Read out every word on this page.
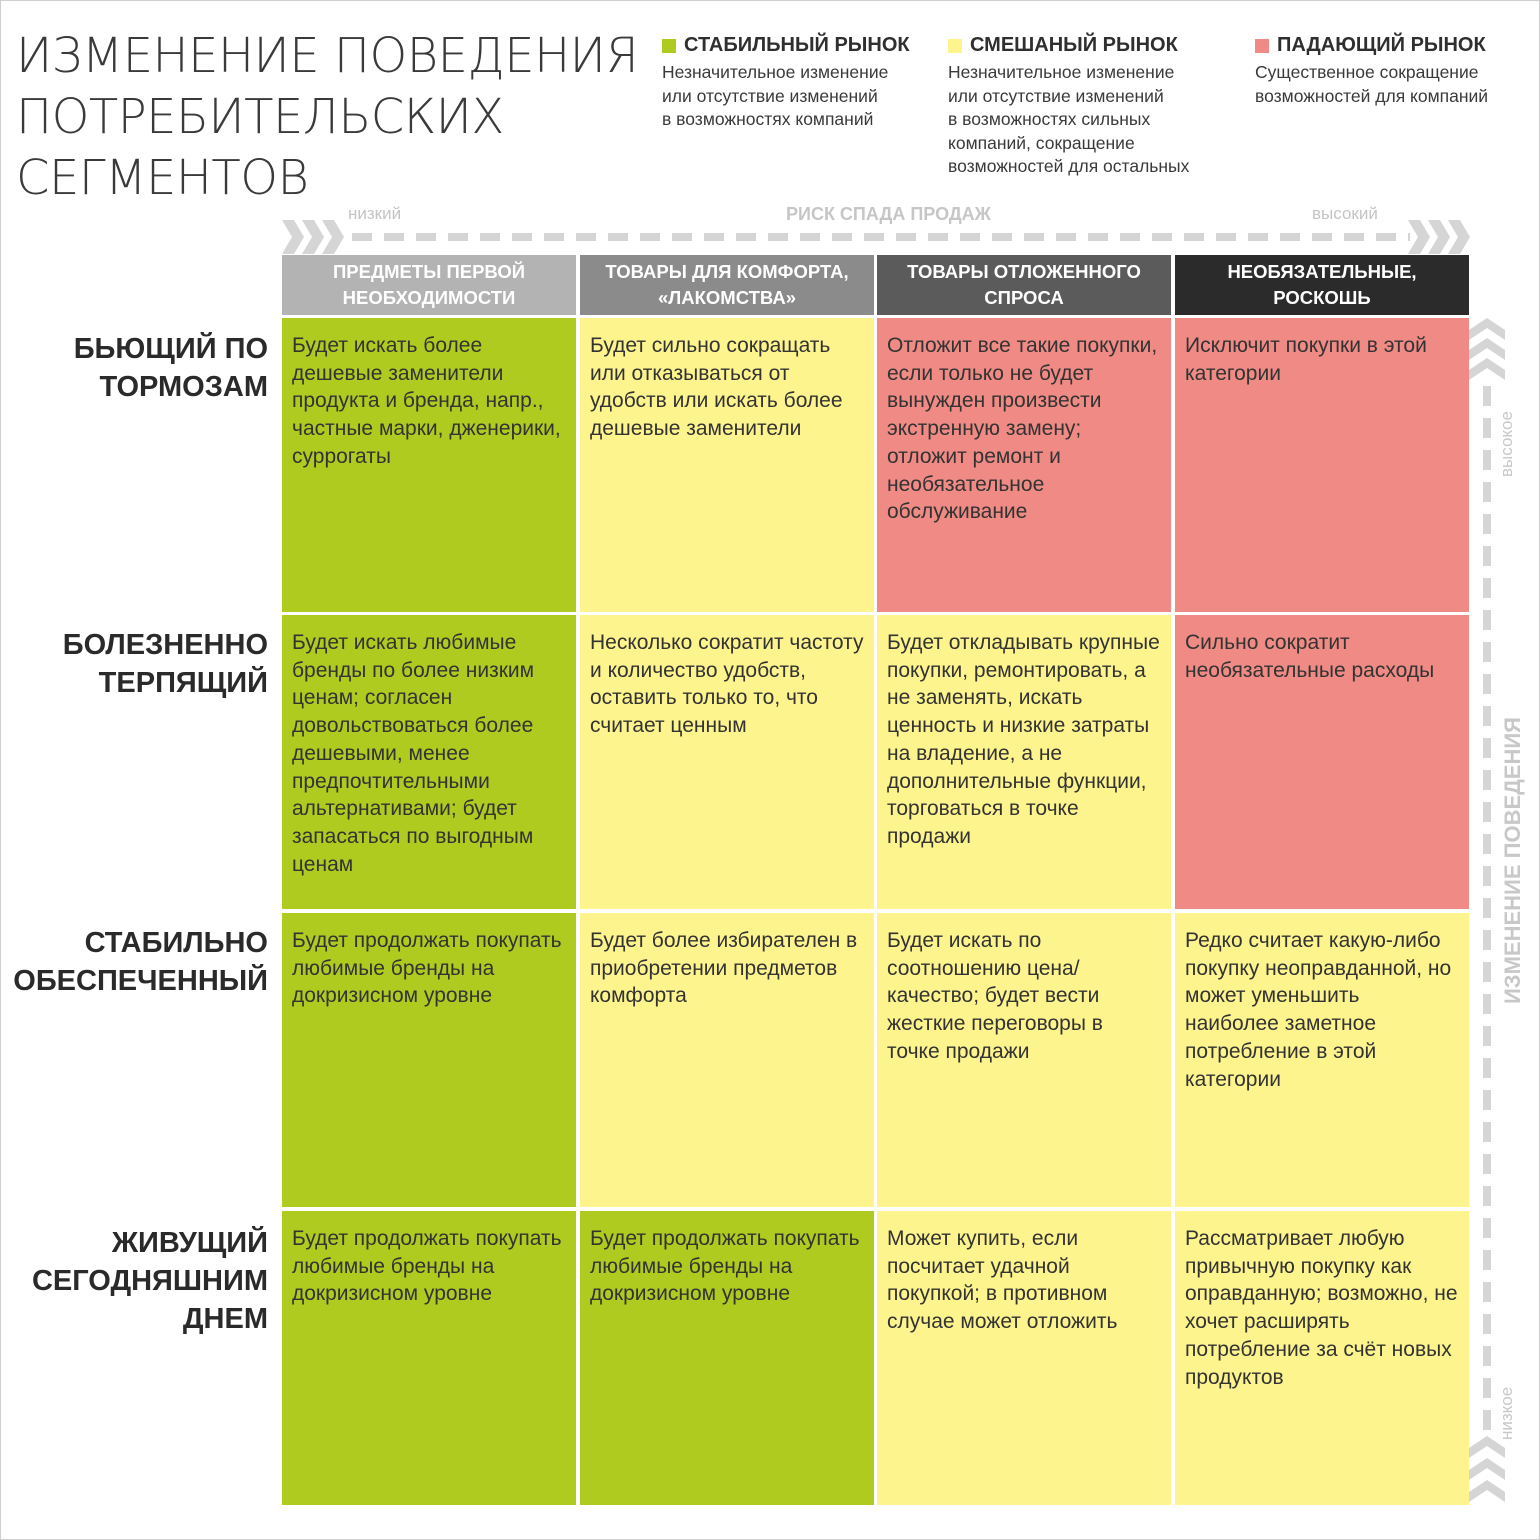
ИЗМЕНЕНИЕ ПОВЕДЕНИЯ
ПОТРЕБИТЕЛЬСКИХ
СЕГМЕНТОВ
СТАБИЛЬНЫЙ РЫНОК
Незначительное изменение
или отсутствие изменений
в возможностях компаний
СМЕШАНЫЙ РЫНОК
Незначительное изменение
или отсутствие изменений
в возможностях сильных
компаний, сокращение
возможностей для остальных
ПАДАЮЩИЙ РЫНОК
Существенное сокращение
возможностей для компаний
низкий	РИСК СПАДА ПРОДАЖ	высокий
высокое
ИЗМЕНЕНИЕ ПОВЕДЕНИЯ
низкое
ПРЕДМЕТЫ ПЕРВОЙ НЕОБХОДИМОСТИ
ТОВАРЫ ДЛЯ КОМФОРТА, «ЛАКОМСТВА»
ТОВАРЫ ОТЛОЖЕННОГО СПРОСА
НЕОБЯЗАТЕЛЬНЫЕ, РОСКОШЬ
БЬЮЩИЙ ПО ТОРМОЗАМ
БОЛЕЗНЕННО ТЕРПЯЩИЙ
СТАБИЛЬНО ОБЕСПЕЧЕННЫЙ
ЖИВУЩИЙ СЕГОДНЯШНИМ ДНЕМ
Будет искать более дешевые заменители продукта и бренда, напр., частные марки, дженерики, суррогаты
Будет сильно сокращать или отказываться от удобств или искать более дешевые заменители
Отложит все такие покупки, если только не будет вынужден произвести экстренную замену; отложит ремонт и необязательное обслуживание
Исключит покупки в этой категории
Будет искать любимые бренды по более низким ценам; согласен довольствоваться более дешевыми, менее предпочтительными альтернативами; будет запасаться по выгодным ценам
Несколько сократит частоту и количество удобств, оставить только то, что считает ценным
Будет откладывать крупные покупки, ремонтировать, а не заменять, искать ценность и низкие затраты на владение, а не дополнительные функции, торговаться в точке продажи
Сильно сократит необязательные расходы
Будет продолжать покупать любимые бренды на докризисном уровне
Будет более избирателен в приобретении предметов комфорта
Будет искать по соотношению цена/качество; будет вести жесткие переговоры в точке продажи
Редко считает какую-либо покупку неоправданной, но может уменьшить наиболее заметное потребление в этой категории
Будет продолжать покупать любимые бренды на докризисном уровне
Будет продолжать покупать любимые бренды на докризисном уровне
Может купить, если посчитает удачной покупкой; в противном случае может отложить
Рассматривает любую привычную покупку как оправданную; возможно, не хочет расширять потребление за счёт новых продуктов
